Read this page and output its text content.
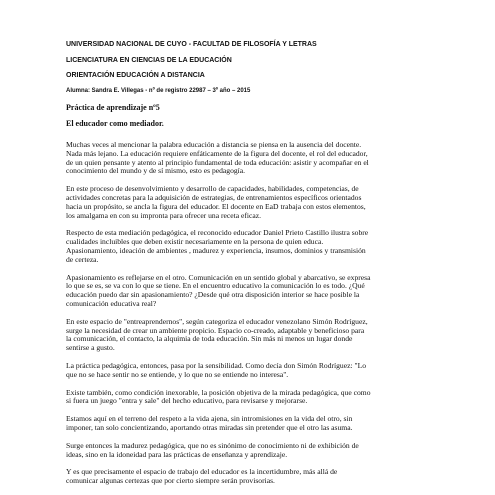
UNIVERSIDAD NACIONAL DE CUYO - FACULTAD DE FILOSOFÍA Y LETRAS

LICENCIATURA EN CIENCIAS DE LA EDUCACIÓN

ORIENTACIÓN EDUCACIÓN A DISTANCIA

Alumna: Sandra E. Villegas - nº de registro 22987 – 3º año – 2015

Práctica de aprendizaje nº5

El educador como mediador.

Muchas veces al mencionar la palabra educación a distancia se piensa en la ausencia del docente.
Nada más lejano. La educación requiere enfáticamente de la figura del docente, el rol del educador,
de un quien pensante y atento al principio fundamental de toda educación: asistir y acompañar en el
conocimiento del mundo y de sí mismo, esto es pedagogía.

En este proceso de desenvolvimiento y desarrollo de capacidades, habilidades, competencias, de
actividades concretas para la adquisición de estrategias, de entrenamientos específicos orientados
hacia un propósito, se ancla la figura del educador. El docente en EaD trabaja con estos elementos,
los amalgama en con su impronta para ofrecer una receta eficaz.

Respecto de esta mediación pedagógica, el reconocido educador Daniel Prieto Castillo ilustra sobre
cualidades incluibles que deben existir necesariamente en la persona de quien educa.
Apasionamiento, ideación de ambientes , madurez y experiencia, insumos, dominios y transmisión
de certeza.

Apasionamiento es reflejarse en el otro. Comunicación en un sentido global y abarcativo, se expresa
lo que se es, se va con lo que se tiene. En el encuentro educativo la comunicación lo es todo. ¿Qué
educación puedo dar sin apasionamiento? ¿Desde qué otra disposición interior se hace posible la
comunicación educativa real?

En este espacio de "entreaprendernos", según categoriza el educador venezolano Simón Rodríguez,
surge la necesidad de crear un ambiente propicio. Espacio co-creado, adaptable y beneficioso para
la comunicación, el contacto, la alquimia de toda educación. Sin más ni menos un lugar donde
sentirse a gusto.

La práctica pedagógica, entonces, pasa por la sensibilidad. Como decía don Simón Rodríguez: "Lo
que no se hace sentir no se entiende, y lo que no se entiende no interesa".

Existe también, como condición inexorable, la posición objetiva de la mirada pedagógica, que como
si fuera un juego "entra y sale" del hecho educativo, para revisarse y mejorarse.

Estamos aquí en el terreno del respeto a la vida ajena, sin intromisiones en la vida del otro, sin
imponer, tan solo concientizando, aportando otras miradas sin pretender que el otro las asuma.

Surge entonces la madurez pedagógica, que no es sinónimo de conocimiento ni de exhibición de
ideas, sino en la idoneidad para las prácticas de enseñanza y aprendizaje.

Y es que precisamente el espacio de trabajo del educador es la incertidumbre, más allá de
comunicar algunas certezas que por cierto siempre serán provisorias.
